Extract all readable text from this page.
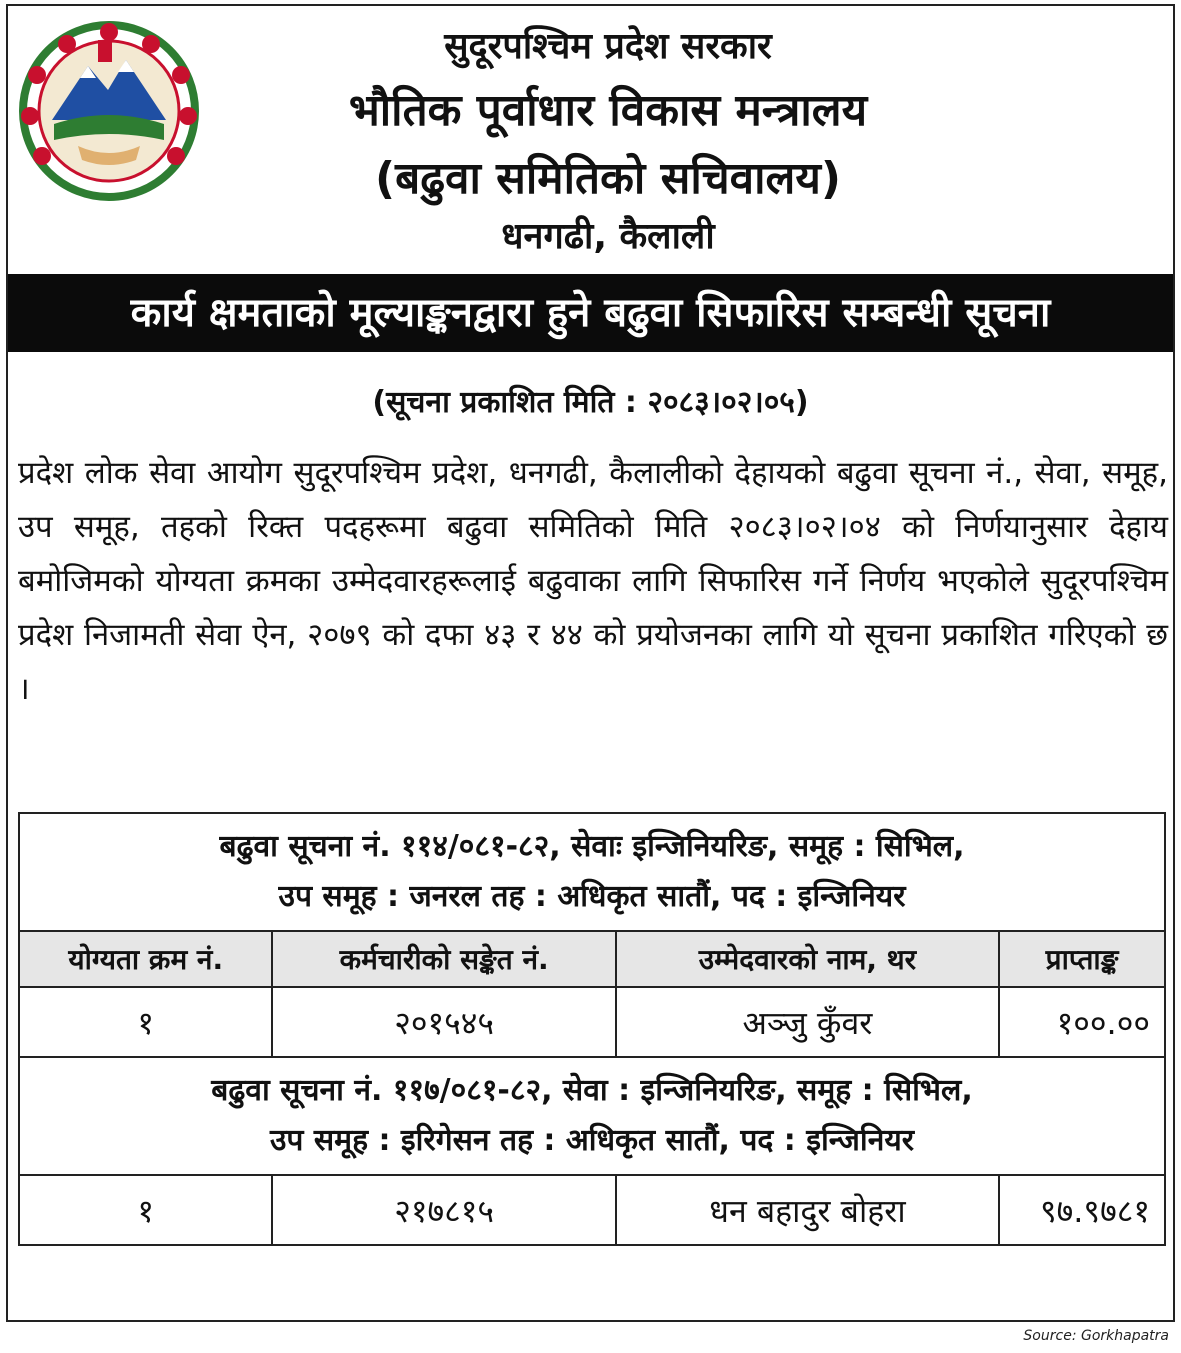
सुदूरपश्चिम प्रदेश सरकार
भौतिक पूर्वाधार विकास मन्त्रालय
(बढुवा समितिको सचिवालय)
धनगढी, कैलाली
कार्य क्षमताको मूल्याङ्कनद्वारा हुने बढुवा सिफारिस सम्बन्धी सूचना
(सूचना प्रकाशित मिति : २०८३।०२।०५)
प्रदेश लोक सेवा आयोग सुदूरपश्चिम प्रदेश, धनगढी, कैलालीको देहायको बढुवा सूचना नं., सेवा, समूह, उप समूह, तहको रिक्त पदहरूमा बढुवा समितिको मिति २०८३।०२।०४ को निर्णयानुसार देहाय बमोजिमको योग्यता क्रमका उम्मेदवारहरूलाई बढुवाका लागि सिफारिस गर्ने निर्णय भएकोले सुदूरपश्चिम प्रदेश निजामती सेवा ऐन, २०७९ को दफा ४३ र ४४ को प्रयोजनका लागि यो सूचना प्रकाशित गरिएको छ ।
बढुवा सूचना नं. ११४/०८१-८२, सेवाः इन्जिनियरिङ, समूह : सिभिल,
उप समूह : जनरल तह : अधिकृत सातौं, पद : इन्जिनियर			

योग्यता क्रम नं.	कर्मचारीको सङ्केत नं.	उम्मेदवारको नाम, थर	प्राप्ताङ्क
१	२०१५४५	अञ्जु कुँवर	१००.००

बढुवा सूचना नं. ११७/०८१-८२, सेवा : इन्जिनियरिङ, समूह : सिभिल,
उप समूह : इरिगेसन तह : अधिकृत सातौं, पद : इन्जिनियर			

१	२१७८१५	धन बहादुर बोहरा	९७.९७८१
Source: Gorkhapatra
